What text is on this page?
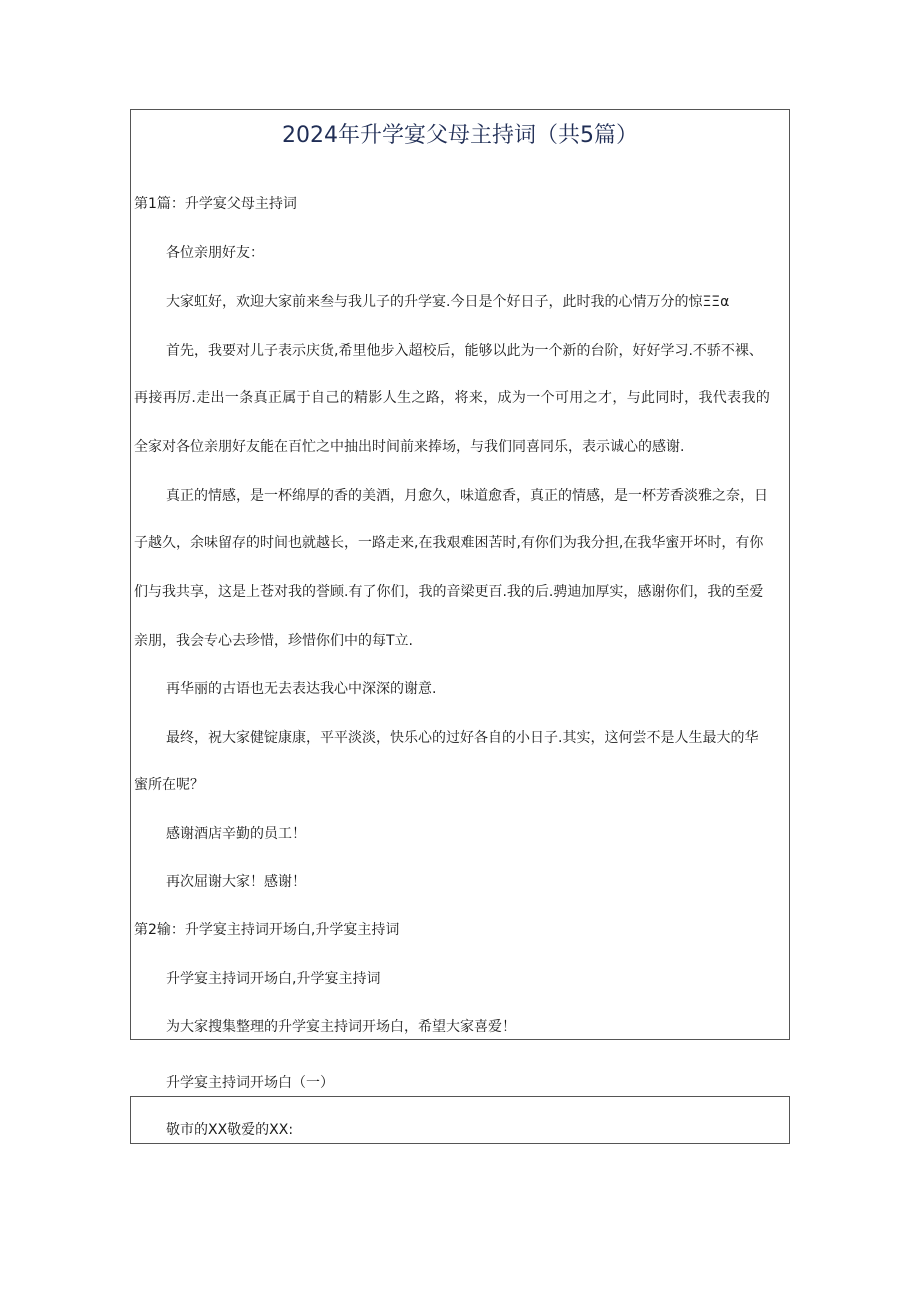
2024年升学宴父母主持词（共5篇）
第1篇：升学宴父母主持词
各位亲朋好友：
大家虹好，欢迎大家前来叁与我儿子的升学宴.今日是个好日子，此时我的心情万分的惊ΞΞα
首先，我要对儿子表示庆货,希里他步入超校后，能够以此为一个新的台阶，好好学习.不骄不裸、
再接再厉.走出一条真正属于自己的精影人生之路，将来，成为一个可用之才，与此同时，我代表我的
全家对各位亲朋好友能在百忙之中抽出时间前来捧场，与我们同喜同乐，表示诚心的感谢.
真正的情感，是一杯绵厚的香的美酒，月愈久，味道愈香，真正的情感，是一杯芳香淡雅之奈，日
子越久，余味留存的时间也就越长，一路走来,在我艰难困苦时,有你们为我分担,在我华蜜开坏时，有你
们与我共享，这是上苍对我的誉顾.有了你们，我的音梁更百.我的后.骋迪加厚实，感谢你们，我的至爱
亲朋，我会专心去珍惜，珍惜你们中的每T立.
再华丽的古语也无去表达我心中深深的谢意.
最终，祝大家健锭康康，平平淡淡，快乐心的过好各自的小日子.其实，这何尝不是人生最大的华
蜜所在呢？
感谢酒店辛勤的员工！
再次屈谢大家！感谢！
第2输：升学宴主持词开场白,升学宴主持词
升学宴主持词开场白,升学宴主持词
为大家搜集整理的升学宴主持词开场白，希望大家喜爱！
升学宴主持词开场白（一）
敬市的XX敬爱的XX:
